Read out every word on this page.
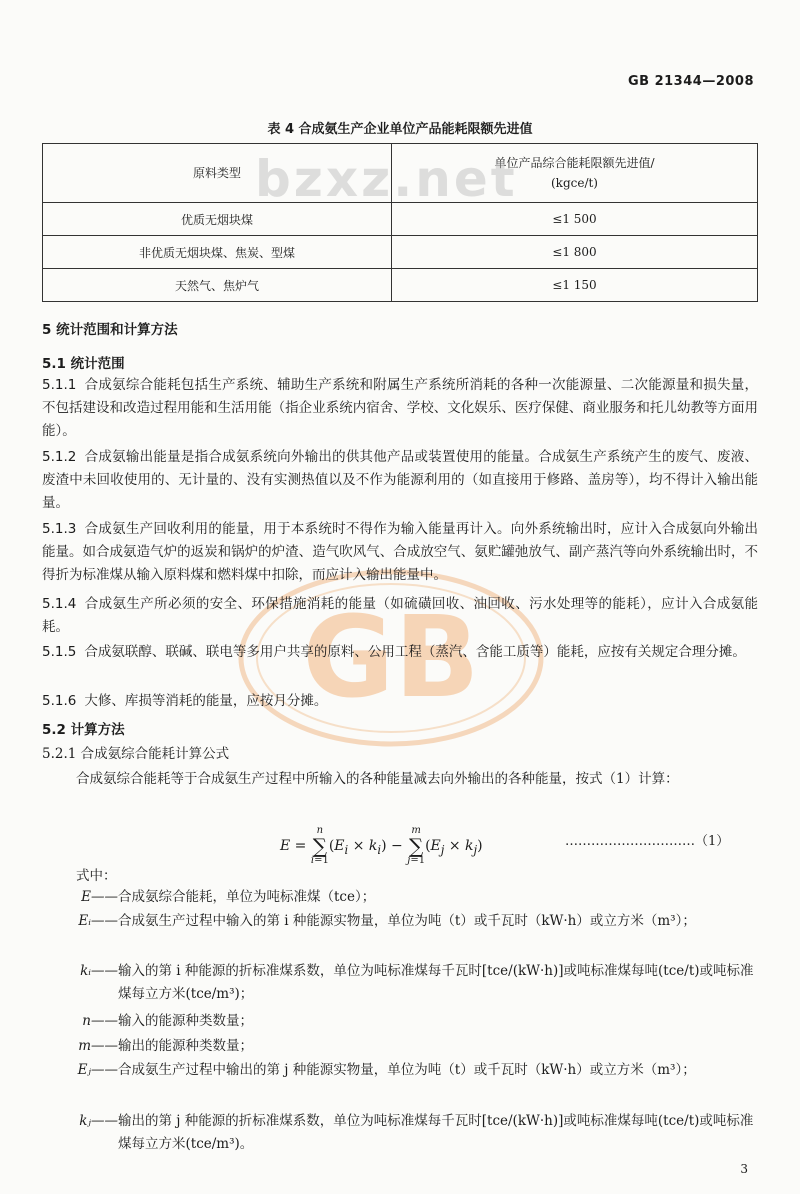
GB
GB 21344—2008
表 4 合成氨生产企业单位产品能耗限额先进值
原料类型	单位产品综合能耗限额先进值/
(kgce/t)
优质无烟块煤	≤1 500
非优质无烟块煤、焦炭、型煤	≤1 800
天然气、焦炉气	≤1 150
bzxz.net
5 统计范围和计算方法
5.1 统计范围
5.1.1 合成氨综合能耗包括生产系统、辅助生产系统和附属生产系统所消耗的各种一次能源量、二次能源量和损失量，不包括建设和改造过程用能和生活用能（指企业系统内宿舍、学校、文化娱乐、医疗保健、商业服务和托儿幼教等方面用能）。
5.1.2 合成氨输出能量是指合成氨系统向外输出的供其他产品或装置使用的能量。合成氨生产系统产生的废气、废液、废渣中未回收使用的、无计量的、没有实测热值以及不作为能源利用的（如直接用于修路、盖房等），均不得计入输出能量。
5.1.3 合成氨生产回收利用的能量，用于本系统时不得作为输入能量再计入。向外系统输出时，应计入合成氨向外输出能量。如合成氨造气炉的返炭和锅炉的炉渣、造气吹风气、合成放空气、氨贮罐弛放气、副产蒸汽等向外系统输出时，不得折为标准煤从输入原料煤和燃料煤中扣除，而应计入输出能量中。
5.1.4 合成氨生产所必须的安全、环保措施消耗的能量（如硫磺回收、油回收、污水处理等的能耗），应计入合成氨能耗。
5.1.5 合成氨联醇、联碱、联电等多用户共享的原料、公用工程（蒸汽、含能工质等）能耗，应按有关规定合理分摊。
5.1.6 大修、库损等消耗的能量，应按月分摊。
5.2 计算方法
5.2.1 合成氨综合能耗计算公式
合成氨综合能耗等于合成氨生产过程中所输入的各种能量减去向外输出的各种能量，按式（1）计算：
E = n
∑
$i=1(E_i \times k_i) - m$
∑
$j=1(E_j \times k_j)$	…………………………（1）
式中：
E——合成氨综合能耗，单位为吨标准煤（tce）；
Eᵢ—— 合成氨生产过程中输入的第 i 种能源实物量，单位为吨（t）或千瓦时（kW·h）或立方米（m³）；
kᵢ—— 输入的第 i 种能源的折标准煤系数，单位为吨标准煤每千瓦时[tce/(kW·h)]或吨标准煤每吨(tce/t)或吨标准煤每立方米(tce/m³)；
n——输入的能源种类数量；
m——输出的能源种类数量；
Eⱼ—— 合成氨生产过程中输出的第 j 种能源实物量，单位为吨（t）或千瓦时（kW·h）或立方米（m³）；
kⱼ—— 输出的第 j 种能源的折标准煤系数，单位为吨标准煤每千瓦时[tce/(kW·h)]或吨标准煤每吨(tce/t)或吨标准煤每立方米(tce/m³)。
3
